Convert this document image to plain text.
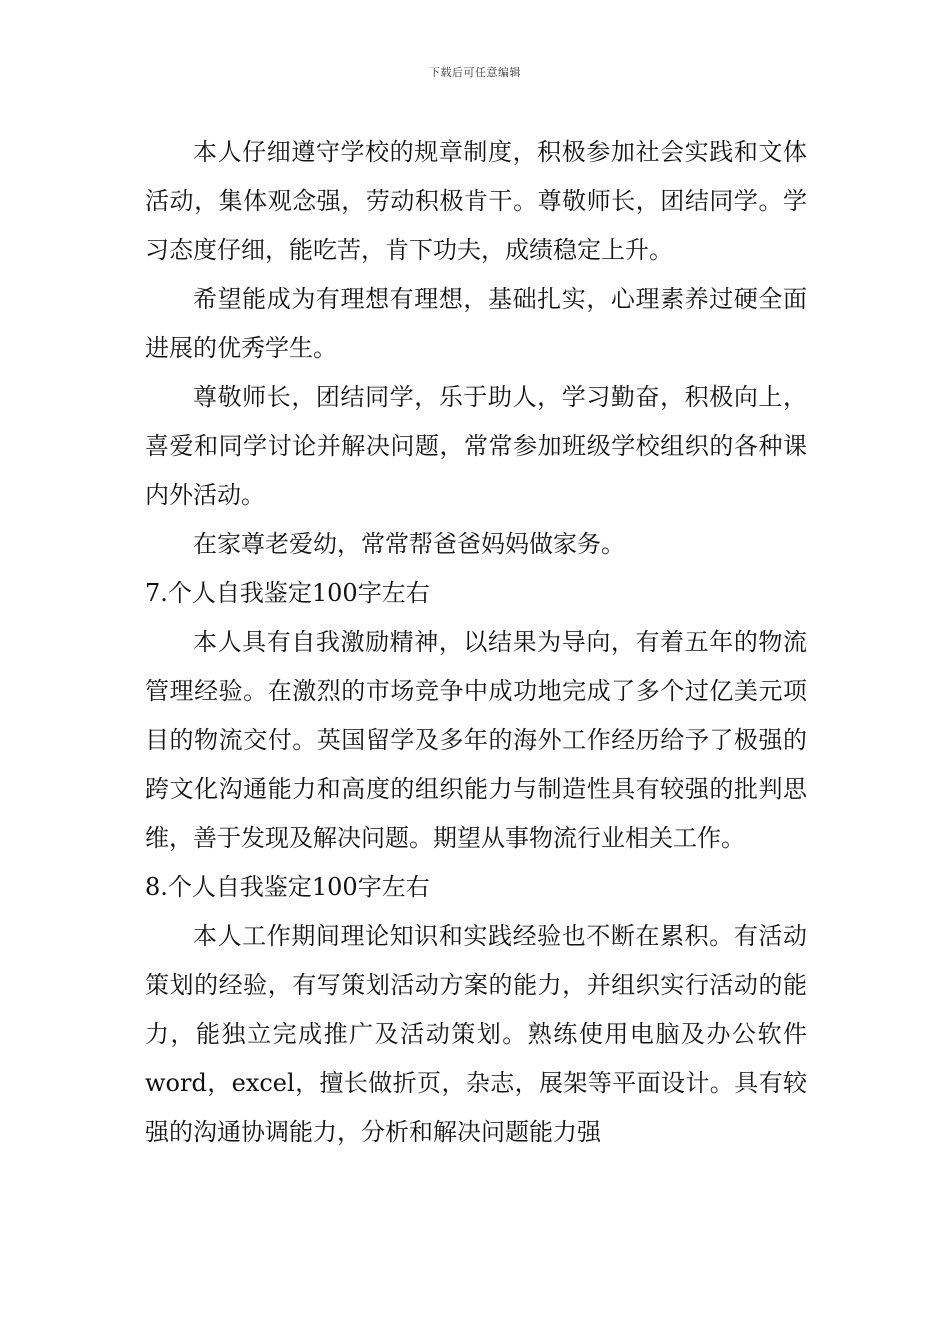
下载后可任意编辑

本人仔细遵守学校的规章制度，积极参加社会实践和文体活动，集体观念强，劳动积极肯干。尊敬师长，团结同学。学习态度仔细，能吃苦，肯下功夫，成绩稳定上升。

希望能成为有理想有理想，基础扎实，心理素养过硬全面进展的优秀学生。

尊敬师长，团结同学，乐于助人，学习勤奋，积极向上，喜爱和同学讨论并解决问题，常常参加班级学校组织的各种课内外活动。

在家尊老爱幼，常常帮爸爸妈妈做家务。

7.个人自我鉴定100字左右

本人具有自我激励精神，以结果为导向，有着五年的物流管理经验。在激烈的市场竞争中成功地完成了多个过亿美元项目的物流交付。英国留学及多年的海外工作经历给予了极强的跨文化沟通能力和高度的组织能力与制造性具有较强的批判思维，善于发现及解决问题。期望从事物流行业相关工作。

8.个人自我鉴定100字左右

本人工作期间理论知识和实践经验也不断在累积。有活动策划的经验，有写策划活动方案的能力，并组织实行活动的能力，能独立完成推广及活动策划。熟练使用电脑及办公软件word，excel，擅长做折页，杂志，展架等平面设计。具有较强的沟通协调能力，分析和解决问题能力强
